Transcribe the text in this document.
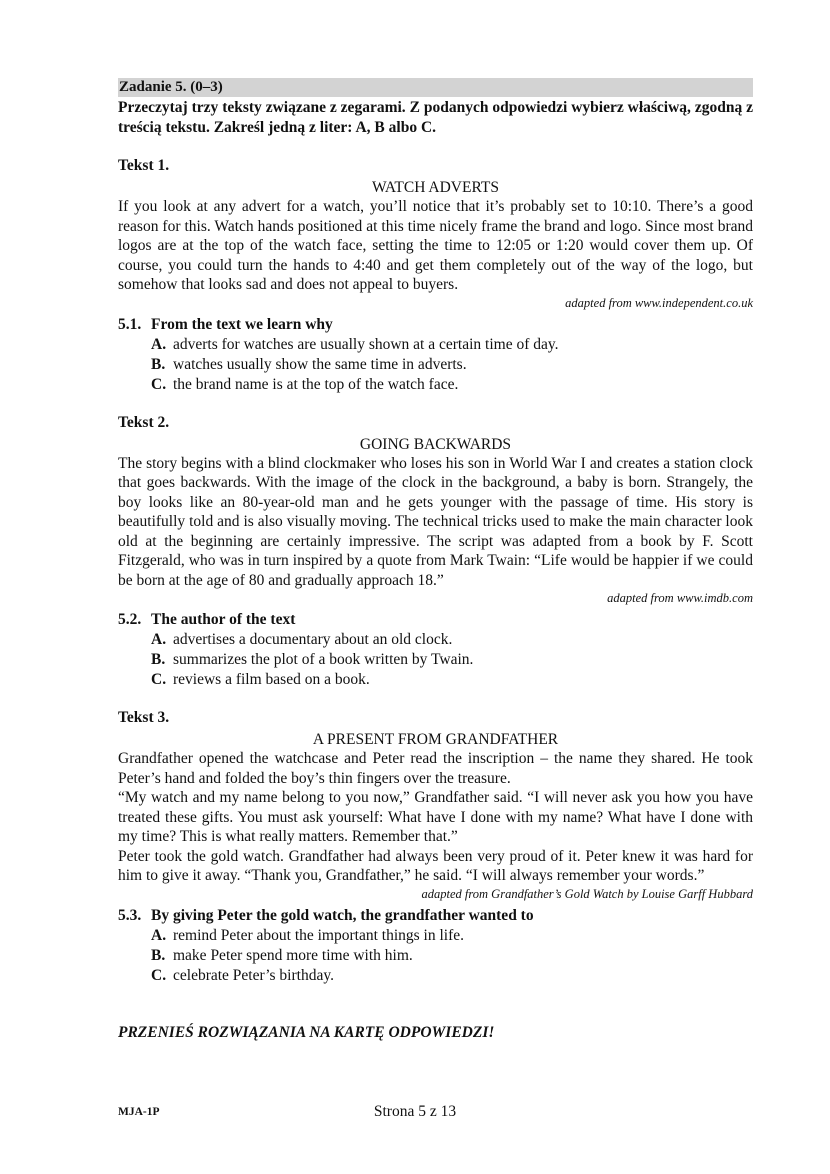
Zadanie 5. (0–3)
Przeczytaj trzy teksty związane z zegarami. Z podanych odpowiedzi wybierz właściwą, zgodną z treścią tekstu. Zakreśl jedną z liter: A, B albo C.
Tekst 1.
WATCH ADVERTS

If you look at any advert for a watch, you’ll notice that it’s probably set to 10:10. There’s a good reason for this. Watch hands positioned at this time nicely frame the brand and logo. Since most brand logos are at the top of the watch face, setting the time to 12:05 or 1:20 would cover them up. Of course, you could turn the hands to 4:40 and get them completely out of the way of the logo, but somehow that looks sad and does not appeal to buyers.

adapted from www.independent.co.uk
5.1. From the text we learn why
A. adverts for watches are usually shown at a certain time of day.
B. watches usually show the same time in adverts.
C. the brand name is at the top of the watch face.
Tekst 2.
GOING BACKWARDS

The story begins with a blind clockmaker who loses his son in World War I and creates a station clock that goes backwards. With the image of the clock in the background, a baby is born. Strangely, the boy looks like an 80-year-old man and he gets younger with the passage of time. His story is beautifully told and is also visually moving. The technical tricks used to make the main character look old at the beginning are certainly impressive. The script was adapted from a book by F. Scott Fitzgerald, who was in turn inspired by a quote from Mark Twain: “Life would be happier if we could be born at the age of 80 and gradually approach 18.”

adapted from www.imdb.com
5.2. The author of the text
A. advertises a documentary about an old clock.
B. summarizes the plot of a book written by Twain.
C. reviews a film based on a book.
Tekst 3.
A PRESENT FROM GRANDFATHER

Grandfather opened the watchcase and Peter read the inscription – the name they shared. He took Peter’s hand and folded the boy’s thin fingers over the treasure.

“My watch and my name belong to you now,” Grandfather said. “I will never ask you how you have treated these gifts. You must ask yourself: What have I done with my name? What have I done with my time? This is what really matters. Remember that.”

Peter took the gold watch. Grandfather had always been very proud of it. Peter knew it was hard for him to give it away. “Thank you, Grandfather,” he said. “I will always remember your words.”

adapted from Grandfather’s Gold Watch by Louise Garff Hubbard
5.3. By giving Peter the gold watch, the grandfather wanted to
A. remind Peter about the important things in life.
B. make Peter spend more time with him.
C. celebrate Peter’s birthday.
PRZENIEŚ ROZWIĄZANIA NA KARTĘ ODPOWIEDZI!
MJA-1P	Strona 5 z 13
